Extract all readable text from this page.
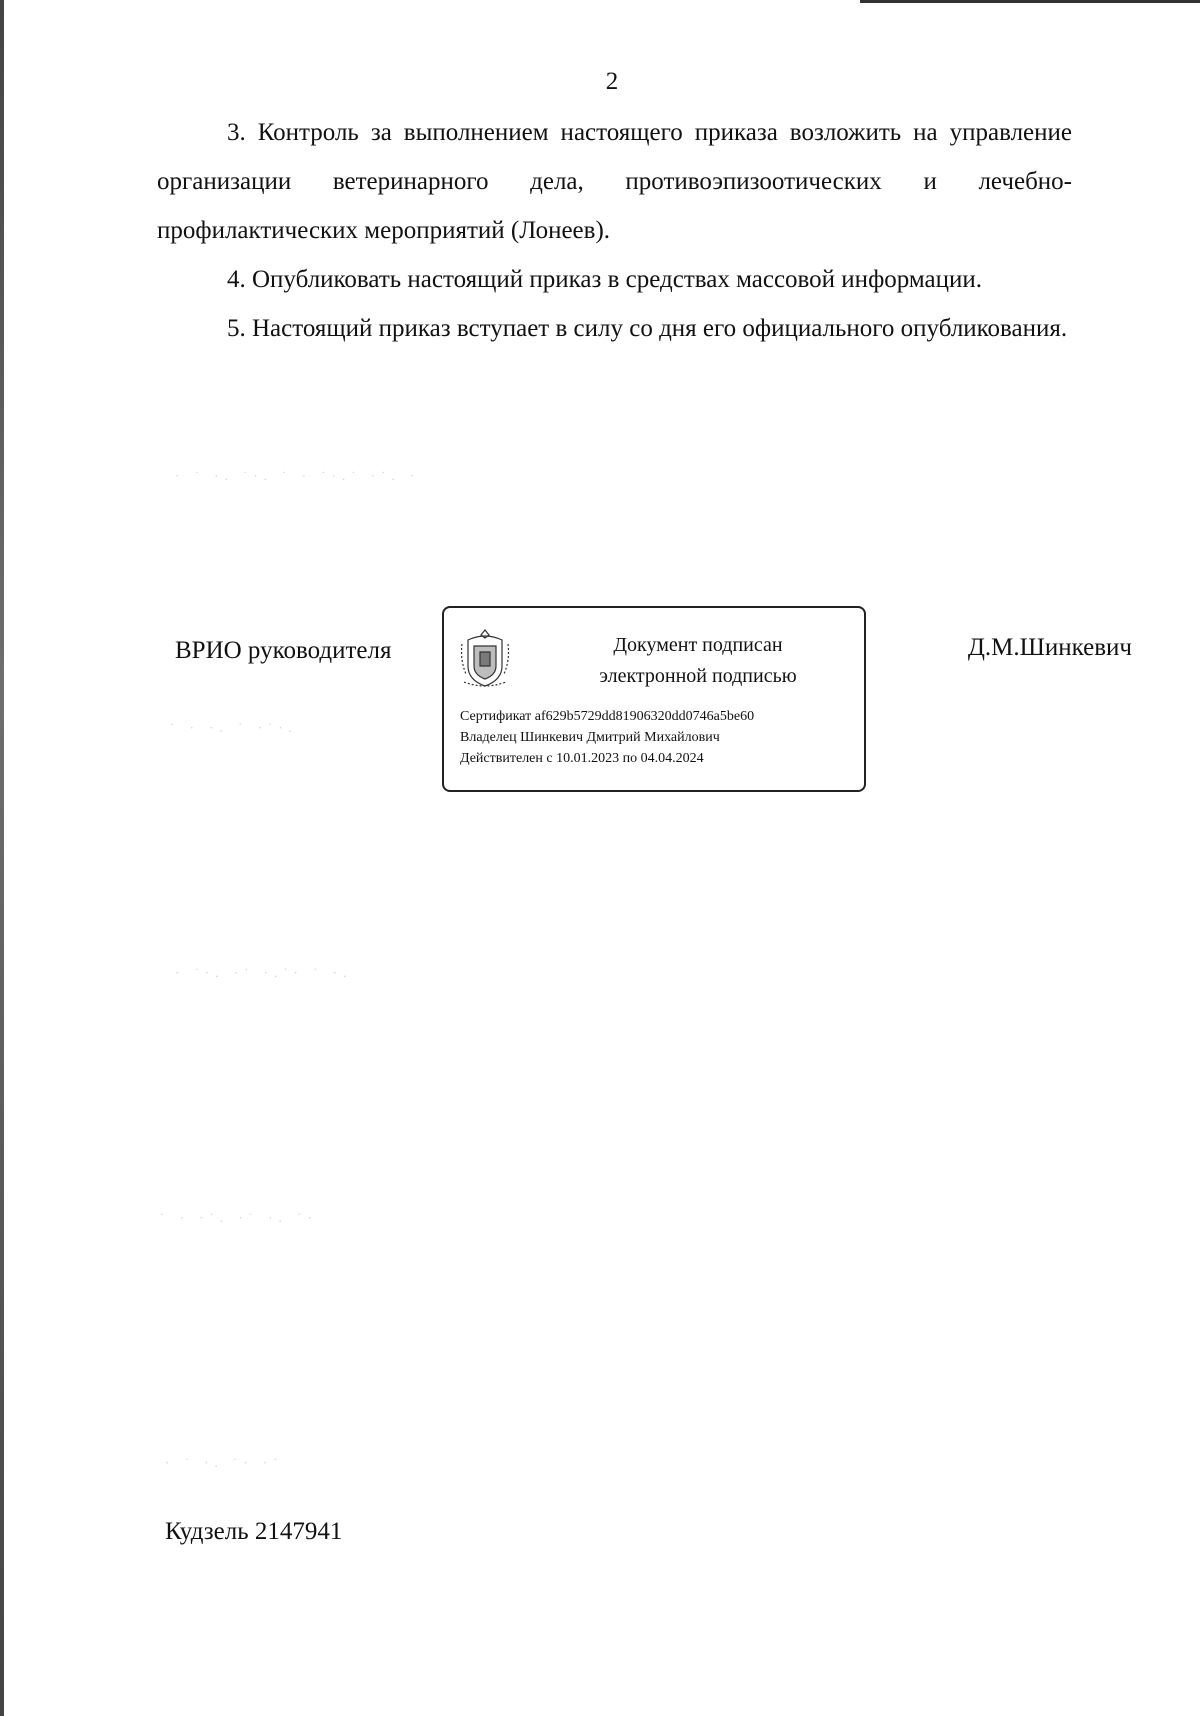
2

3. Контроль за выполнением настоящего приказа возложить на управление организации ветеринарного дела, противоэпизоотических и лечебно-профилактических мероприятий (Лонеев).

4. Опубликовать настоящий приказ в средствах массовой информации.

5. Настоящий приказ вступает в силу со дня его официального опубликования.

· ˙ ·. ˙·. ˙ · ˙·.˙ ·˙. ·
˙ · ·. ˙ ·˙·.
· ˙·. ·˙ ·.˙· ˙ ·.
˙ · ·˙. ·˙ ·. ˙·
· ˙ ·. ˙· ·˙
ВРИО руководителя	Документ подписан
электронной подписью
Сертификат af629b5729dd81906320dd0746a5be60
Владелец Шинкевич Дмитрий Михайлович
Действителен с 10.01.2023 по 04.04.2024
Д.М.Шинкевич
Кудзель 2147941
